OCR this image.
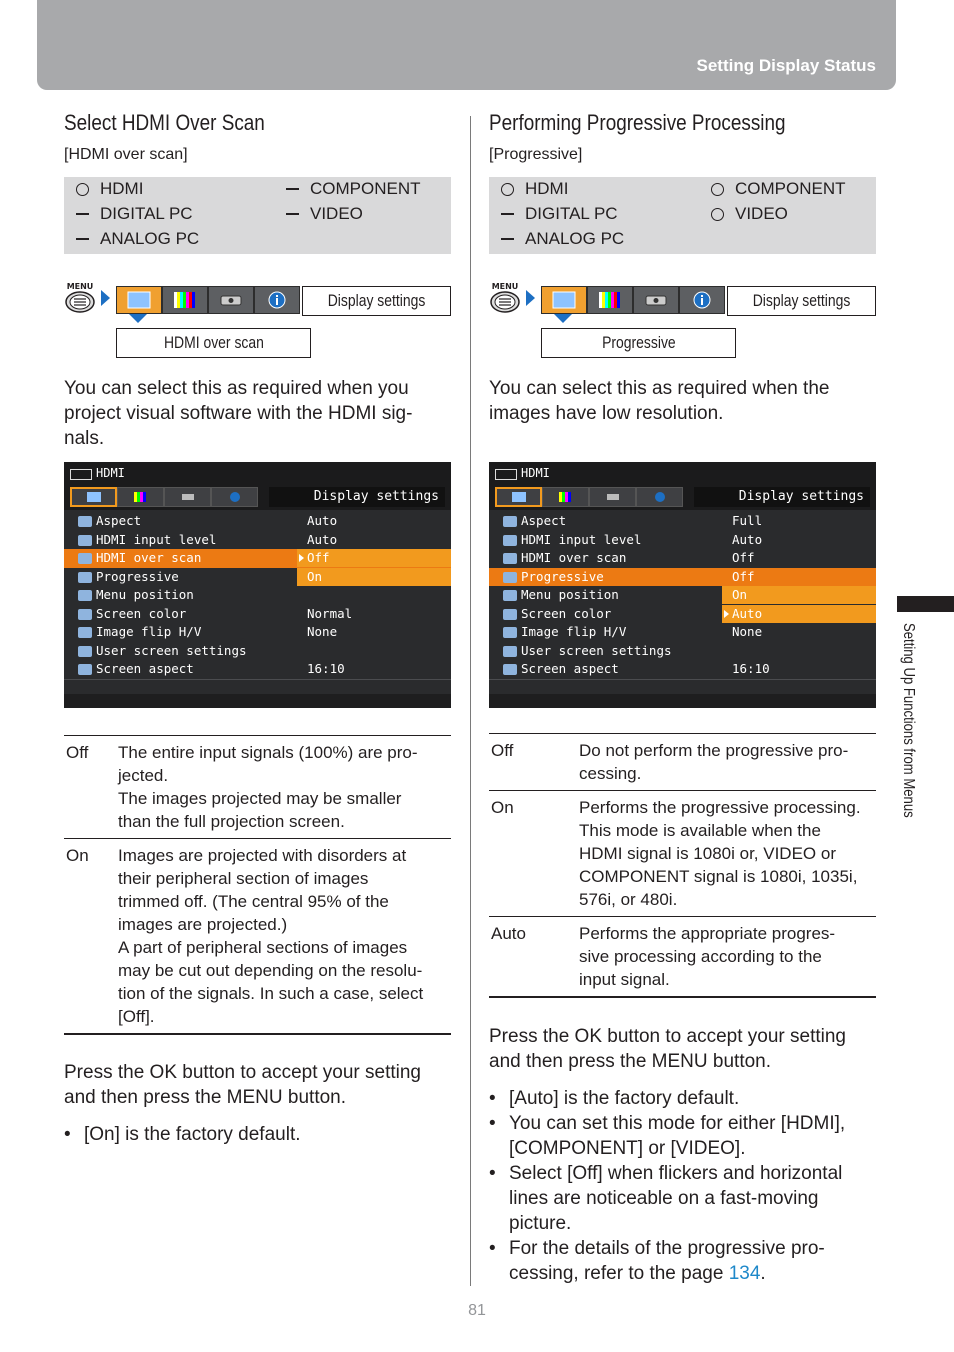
Setting Display Status
Select HDMI Over Scan
[HDMI over scan]
HDMI
DIGITAL PC
ANALOG PC
COMPONENT
VIDEO
MENU
Display settings
HDMI over scan
You can select this as required when you project visual software with the HDMI sig-nals.
HDMI
Display settings
Aspect	Auto
HDMI input level	Auto
HDMI over scan	Off
Progressive	On
Menu position
Screen color	Normal
Image flip H/V	None
User screen settings
Screen aspect	16:10
Off	The entire input signals (100%) are pro-
jected.
The images projected may be smaller
than the full projection screen.
On	Images are projected with disorders at
their peripheral section of images
trimmed off. (The central 95% of the
images are projected.)
A part of peripheral sections of images
may be cut out depending on the resolu-
tion of the signals. In such a case, select
[Off].
Press the OK button to accept your setting and then press the MENU button.
• [On] is the factory default.
Performing Progressive Processing
[Progressive]
HDMI
DIGITAL PC
ANALOG PC
COMPONENT
VIDEO
MENU
Display settings
Progressive
You can select this as required when the images have low resolution.
HDMI
Display settings
Aspect	Full
HDMI input level	Auto
HDMI over scan	Off
Progressive	Off
Menu position	On
Screen color	Auto
Image flip H/V	None
User screen settings
Screen aspect	16:10
Off	Do not perform the progressive pro-
cessing.
On	Performs the progressive processing.
This mode is available when the
HDMI signal is 1080i or, VIDEO or
COMPONENT signal is 1080i, 1035i,
576i, or 480i.
Auto	Performs the appropriate progres-
sive processing according to the
input signal.
Press the OK button to accept your setting and then press the MENU button.
• [Auto] is the factory default.
• You can set this mode for either [HDMI], [COMPONENT] or [VIDEO].
• Select [Off] when flickers and horizontal lines are noticeable on a fast-moving picture.
• For the details of the progressive pro-cessing, refer to the page 134.
Setting Up Functions from Menus
81
